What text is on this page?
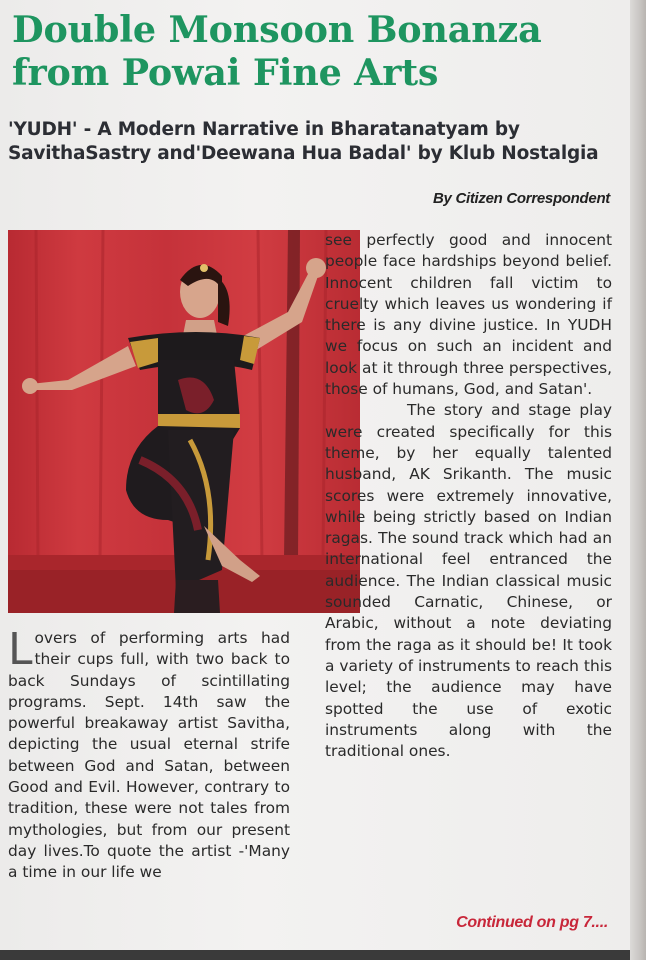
Double Monsoon Bonanza from Powai Fine Arts
'YUDH' - A Modern Narrative in Bharatanatyam by SavithaSastry and'Deewana Hua Badal' by Klub Nostalgia
By Citizen Correspondent

L overs of performing arts had their cups full, with two back to back Sundays of scintillating programs. Sept. 14th saw the powerful breakaway artist Savitha, depicting the usual eternal strife between God and Satan, between Good and Evil. However, contrary to tradition, these were not tales from mythologies, but from our present day lives.To quote the artist -'Many a time in our life we

see perfectly good and innocent people face hardships beyond belief. Innocent children fall victim to cruelty which leaves us wondering if there is any divine justice. In YUDH we focus on such an incident and look at it through three perspectives, those of humans, God, and Satan'.

The story and stage play were created specifically for this theme, by her equally talented husband, AK Srikanth. The music scores were extremely innovative, while being strictly based on Indian ragas. The sound track which had an international feel entranced the audience. The Indian classical music sounded Carnatic, Chinese, or Arabic, without a note deviating from the raga as it should be! It took a variety of instruments to reach this level; the audience may have spotted the use of exotic instruments along with the traditional ones.

Continued on pg 7....
